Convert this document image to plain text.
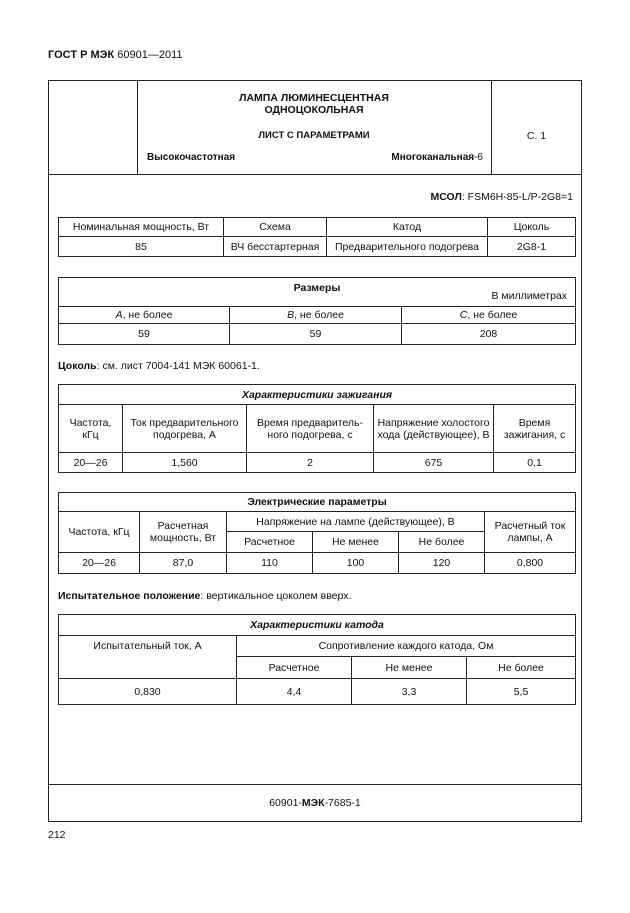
ГОСТ Р МЭК 60901—2011
ЛАМПА ЛЮМИНЕСЦЕНТНАЯ
ОДНОЦОКОЛЬНАЯ
ЛИСТ С ПАРАМЕТРАМИ
Высокочастотная	Многоканальная-6
С. 1
МСОЛ: FSM6H-85-L/P-2G8=1
Номинальная мощность, Вт	Схема	Катод	Цоколь
85	ВЧ бесстартерная	Предварительного подогрева	2G8-1
Размеры
В миллиметрах		

A, не более	B, не более	C, не более
59	59	208
Цоколь: см. лист 7004-141 МЭК 60061-1.
Характеристики зажигания				
Частота, кГц	Ток предварительного подогрева, А	Время предваритель-ного подогрева, с	Напряжение холостого хода (действующее), В	Время зажигания, с
20—26	1,560	2	675	0,1
Электрические параметры					
Частота, кГц	Расчетная мощность, Вт	Напряжение на лампе (действующее), В			Расчетный ток лампы, А
		Расчетное	Не менее	Не более	
20—26	87,0	110	100	120	0,800
Испытательное положение: вертикальное цоколем вверх.
Характеристики катода			
Испытательный ток, А	Сопротивление каждого катода, Ом		
	Расчетное	Не менее	Не более
0,830	4,4	3,3	5,5
60901-МЭК-7685-1
212
